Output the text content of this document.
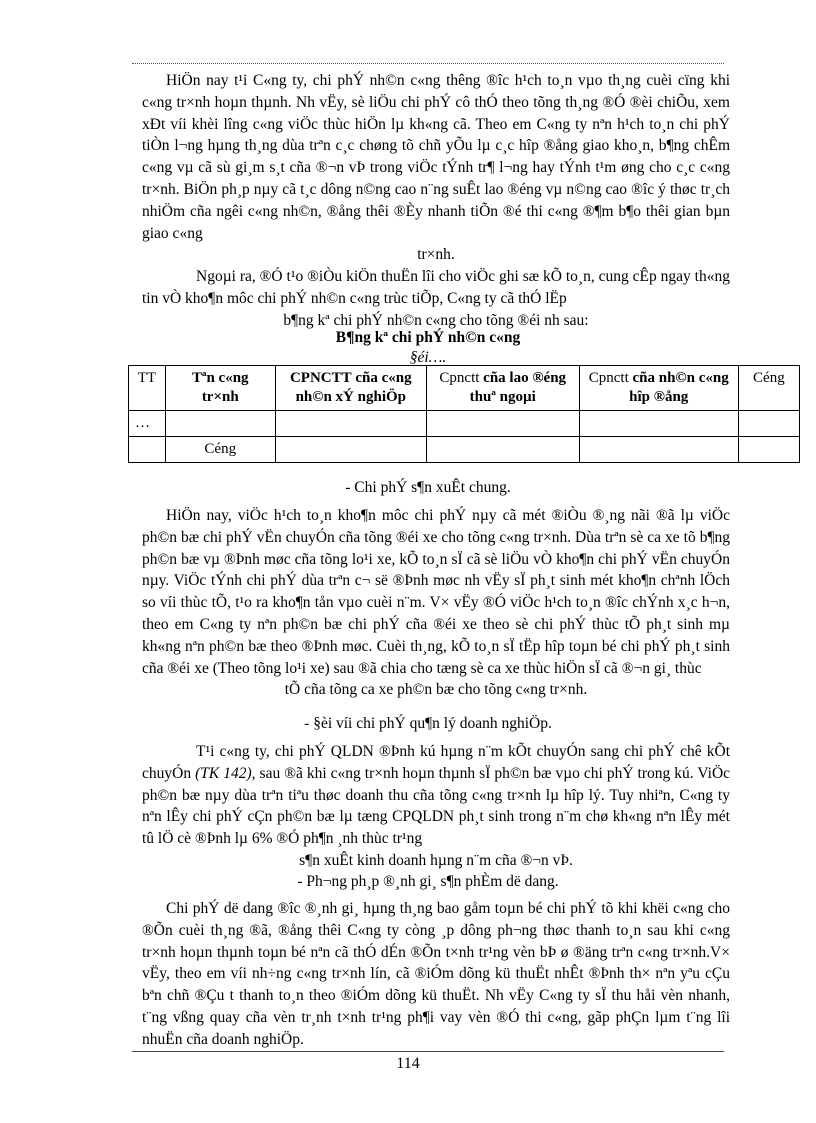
HiÖn nay t¹i C«ng ty, chi phÝ nh©n c«ng thêng ®îc h¹ch to¸n vµo th¸ng cuèi cïng khi c«ng tr×nh hoµn thµnh. Nh vËy, sè liÖu chi phÝ cô thÓ theo tõng th¸ng ®Ó ®èi chiÕu, xem xÐt víi khèi lîng c«ng viÖc thùc hiÖn lµ kh«ng cã. Theo em C«ng ty nªn h¹ch to¸n chi phÝ tiÒn l¬ng hµng th¸ng dùa trªn c¸c chøng tõ chñ yÕu lµ c¸c hîp ®ång giao kho¸n, b¶ng chÊm c«ng vµ cã sù gi¸m s¸t cña ®¬n vÞ trong viÖc tÝnh tr¶ l¬ng hay tÝnh t¹m øng cho c¸c c«ng tr×nh. BiÖn ph¸p nµy cã t¸c dông n©ng cao n¨ng suÊt lao ®éng vµ n©ng cao ®îc ý thøc tr¸ch nhiÖm cña ngêi c«ng nh©n, ®ång thêi ®Èy nhanh tiÕn ®é thi c«ng ®¶m b¶o thêi gian bµn giao c«ng
tr×nh.
Ngoµi ra, ®Ó t¹o ®iÒu kiÖn thuËn lîi cho viÖc ghi sæ kÕ to¸n, cung cÊp ngay th«ng tin vÒ kho¶n môc chi phÝ nh©n c«ng trùc tiÕp, C«ng ty cã thÓ lËp
b¶ng kª chi phÝ nh©n c«ng cho tõng ®éi nh sau:
B¶ng kª chi phÝ nh©n c«ng
§éi….
TT	Tªn c«ng tr×nh	CPNCTT cña c«ng nh©n xÝ nghiÖp	Cpnctt cña lao ®éng thuª ngoµi	Cpnctt cña nh©n c«ng hîp ®ång	Céng
…					
	Céng				
- Chi phÝ s¶n xuÊt chung.
HiÖn nay, viÖc h¹ch to¸n kho¶n môc chi phÝ nµy cã mét ®iÒu ®¸ng nãi ®ã lµ viÖc ph©n bæ chi phÝ vËn chuyÓn cña tõng ®éi xe cho tõng c«ng tr×nh. Dùa trªn sè ca xe tõ b¶ng ph©n bæ vµ ®Þnh møc cña tõng lo¹i xe, kÕ to¸n sÏ cã sè liÖu vÒ kho¶n chi phÝ vËn chuyÓn nµy. ViÖc tÝnh chi phÝ dùa trªn c¬ së ®Þnh møc nh vËy sÏ ph¸t sinh mét kho¶n chªnh lÖch so víi thùc tÕ, t¹o ra kho¶n tån vµo cuèi n¨m. V× vËy ®Ó viÖc h¹ch to¸n ®îc chÝnh x¸c h¬n, theo em C«ng ty nªn ph©n bæ chi phÝ cña ®éi xe theo sè chi phÝ thùc tÕ ph¸t sinh mµ kh«ng nªn ph©n bæ theo ®Þnh møc. Cuèi th¸ng, kÕ to¸n sÏ tËp hîp toµn bé chi phÝ ph¸t sinh cña ®éi xe (Theo tõng lo¹i xe) sau ®ã chia cho tæng sè ca xe thùc hiÖn sÏ cã ®¬n gi¸ thùc
tÕ cña tõng ca xe ph©n bæ cho tõng c«ng tr×nh.
- §èi víi chi phÝ qu¶n lý doanh nghiÖp.
T¹i c«ng ty, chi phÝ QLDN ®Þnh kú hµng n¨m kÕt chuyÓn sang chi phÝ chê kÕt chuyÓn (TK 142), sau ®ã khi c«ng tr×nh hoµn thµnh sÏ ph©n bæ vµo chi phÝ trong kú. ViÖc ph©n bæ nµy dùa trªn tiªu thøc doanh thu cña tõng c«ng tr×nh lµ hîp lý. Tuy nhiªn, C«ng ty nªn lÊy chi phÝ cÇn ph©n bæ lµ tæng CPQLDN ph¸t sinh trong n¨m chø kh«ng nªn lÊy mét tû lÖ cè ®Þnh lµ 6% ®Ó ph¶n ¸nh thùc tr¹ng
s¶n xuÊt kinh doanh hµng n¨m cña ®¬n vÞ.
- Ph¬ng ph¸p ®¸nh gi¸ s¶n phÈm dë dang.
Chi phÝ dë dang ®îc ®¸nh gi¸ hµng th¸ng bao gåm toµn bé chi phÝ tõ khi khëi c«ng cho ®Õn cuèi th¸ng ®ã, ®ång thêi C«ng ty còng ¸p dông ph¬ng thøc thanh to¸n sau khi c«ng tr×nh hoµn thµnh toµn bé nªn cã thÓ dÉn ®Õn t×nh tr¹ng vèn bÞ ø ®äng trªn c«ng tr×nh.V× vËy, theo em víi nh÷ng c«ng tr×nh lín, cã ®iÓm dõng kü thuËt nhÊt ®Þnh th× nªn yªu cÇu bªn chñ ®Çu t thanh to¸n theo ®iÓm dõng kü thuËt. Nh vËy C«ng ty sÏ thu håi vèn nhanh, t¨ng vßng quay cña vèn tr¸nh t×nh tr¹ng ph¶i vay vèn ®Ó thi c«ng, gãp phÇn lµm t¨ng lîi nhuËn cña doanh nghiÖp.
114
